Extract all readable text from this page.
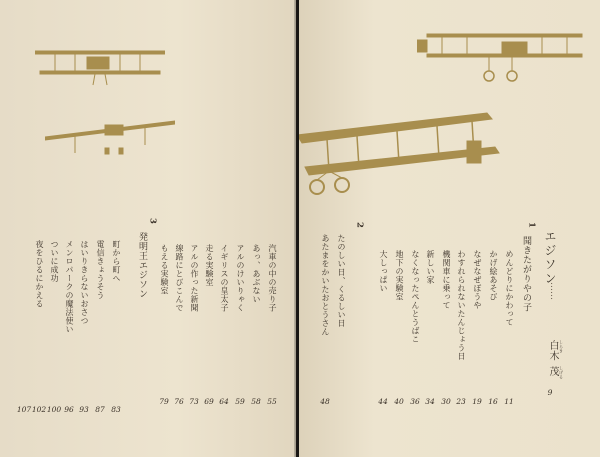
町から町へ
83
電信きょうそう
87
はいりきらないおさつ
93
メンロパークの魔法使い
96
ついに成功
100
夜をひるにかえる
102
107
汽車の中の売り子
55
あっ、あぶない
58
アルのけいりゃく
59
イギリスの皇太子
64
走る実験室
69
アルの作った新聞
73
線路にとびこんで
76
もえる実験室
79
3
発明王エジソン	エジソン
……
白木 しらき
茂 しげる
9
1
聞きたがりやの子
2
めんどりにかわって
11
かげ絵あそび
16
なぜなぜぼうや
19
わすれられないたんじょう日
23
機関車に乗って
30
新しい家
34
なくなったぺんとうばこ
36
地下の実験室
40
大しっぱい
44
たのしい日、くるしい日
あたまをかいたおとうさん
48
